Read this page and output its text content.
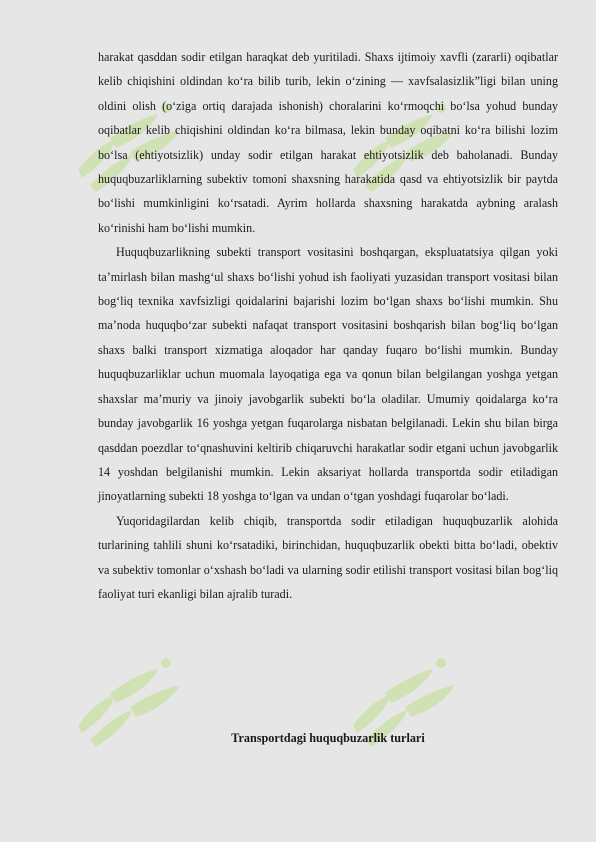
harakat qasddan sodir etilgan haraqkat deb yuritiladi. Shaxs ijtimoiy xavfli (zararli) oqibatlar kelib chiqishini oldindan ko‘ra bilib turib, lekin o‘zining — xavfsalasizlik”ligi bilan uning oldini olish (o‘ziga ortiq darajada ishonish) choralarini ko‘rmoqchi bo‘lsa yohud bunday oqibatlar kelib chiqishini oldindan ko‘ra bilmasa, lekin bunday oqibatni ko‘ra bilishi lozim bo‘lsa (ehtiyotsizlik) unday sodir etilgan harakat ehtiyotsizlik deb baholanadi. Bunday huquqbuzarliklarning subektiv tomoni shaxsning harakatida qasd va ehtiyotsizlik bir paytda bo‘lishi mumkinligini ko‘rsatadi. Ayrim hollarda shaxsning harakatda aybning aralash ko‘rinishi ham bo‘lishi mumkin.

Huquqbuzarlikning subekti transport vositasini boshqargan, ekspluatatsiya qilgan yoki ta’mirlash bilan mashg‘ul shaxs bo‘lishi yohud ish faoliyati yuzasidan transport vositasi bilan bog‘liq texnika xavfsizligi qoidalarini bajarishi lozim bo‘lgan shaxs bo‘lishi mumkin. Shu ma’noda huquqbo‘zar subekti nafaqat transport vositasini boshqarish bilan bog‘liq bo‘lgan shaxs balki transport xizmatiga aloqador har qanday fuqaro bo‘lishi mumkin. Bunday huquqbuzarliklar uchun muomala layoqatiga ega va qonun bilan belgilangan yoshga yetgan shaxslar ma’muriy va jinoiy javobgarlik subekti bo‘la oladilar. Umumiy qoidalarga ko‘ra bunday javobgarlik 16 yoshga yetgan fuqarolarga nisbatan belgilanadi. Lekin shu bilan birga qasddan poezdlar to‘qnashuvini keltirib chiqaruvchi harakatlar sodir etgani uchun javobgarlik 14 yoshdan belgilanishi mumkin. Lekin aksariyat hollarda transportda sodir etiladigan jinoyatlarning subekti 18 yoshga to‘lgan va undan o‘tgan yoshdagi fuqarolar bo‘ladi.

Yuqoridagilardan kelib chiqib, transportda sodir etiladigan huquqbuzarlik alohida turlarining tahlili shuni ko‘rsatadiki, birinchidan, huquqbuzarlik obekti bitta bo‘ladi, obektiv va subektiv tomonlar o‘xshash bo‘ladi va ularning sodir etilishi transport vositasi bilan bog‘liq faoliyat turi ekanligi bilan ajralib turadi.

Transportdagi huquqbuzarlik turlari
